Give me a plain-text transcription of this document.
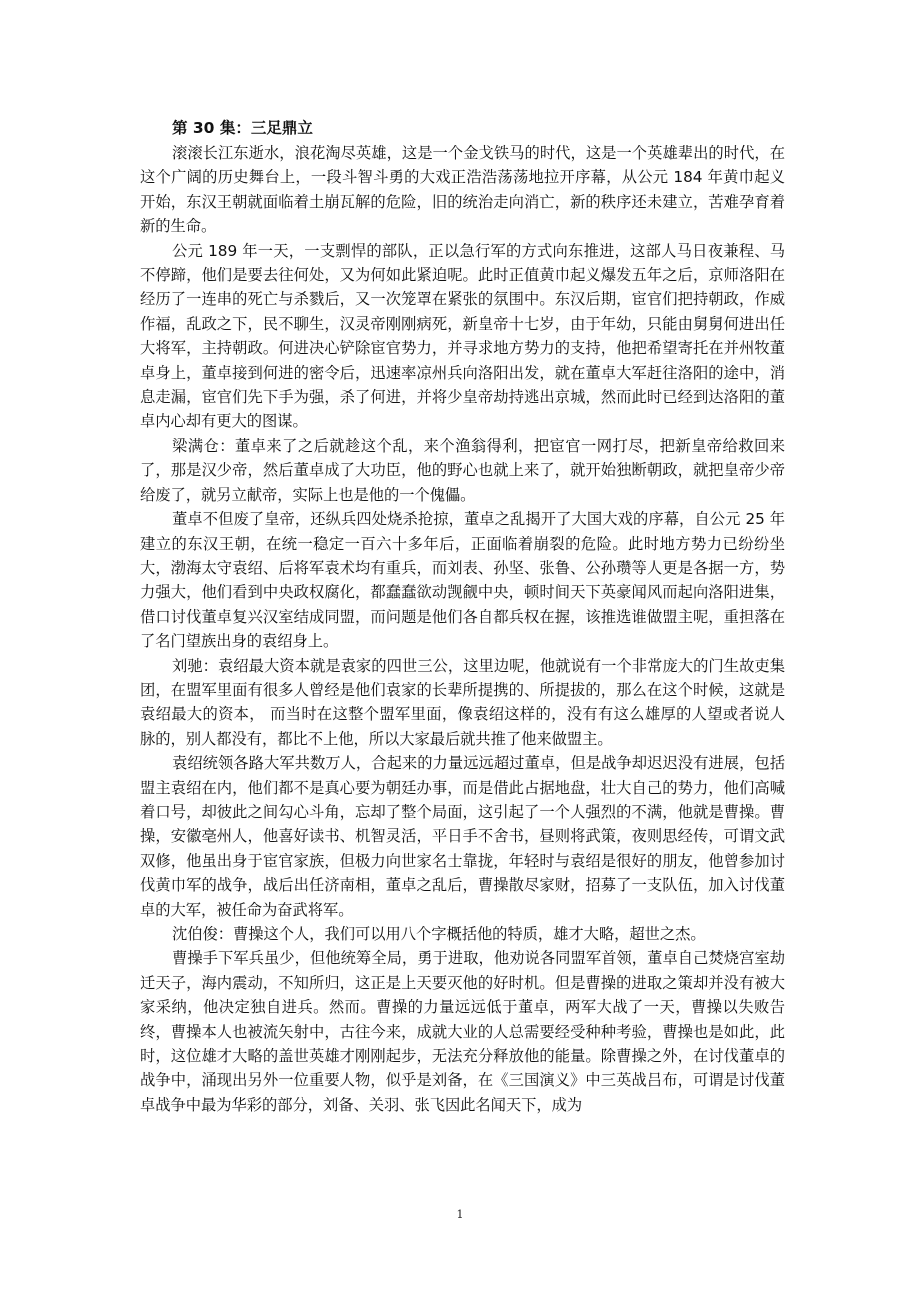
第 30 集：三足鼎立

滚滚长江东逝水，浪花淘尽英雄，这是一个金戈铁马的时代，这是一个英雄辈出的时代，在这个广阔的历史舞台上，一段斗智斗勇的大戏正浩浩荡荡地拉开序幕，从公元 184 年黄巾起义开始，东汉王朝就面临着土崩瓦解的危险，旧的统治走向消亡，新的秩序还未建立，苦难孕育着新的生命。

公元 189 年一天，一支剽悍的部队，正以急行军的方式向东推进，这部人马日夜兼程、马不停蹄，他们是要去往何处，又为何如此紧迫呢。此时正值黄巾起义爆发五年之后，京师洛阳在经历了一连串的死亡与杀戮后，又一次笼罩在紧张的氛围中。东汉后期，宦官们把持朝政，作威作福，乱政之下，民不聊生，汉灵帝刚刚病死，新皇帝十七岁，由于年幼，只能由舅舅何进出任大将军，主持朝政。何进决心铲除宦官势力，并寻求地方势力的支持，他把希望寄托在并州牧董卓身上，董卓接到何进的密令后，迅速率凉州兵向洛阳出发，就在董卓大军赶往洛阳的途中，消息走漏，宦官们先下手为强，杀了何进，并将少皇帝劫持逃出京城，然而此时已经到达洛阳的董卓内心却有更大的图谋。

梁满仓：董卓来了之后就趁这个乱，来个渔翁得利，把宦官一网打尽，把新皇帝给救回来了，那是汉少帝，然后董卓成了大功臣，他的野心也就上来了，就开始独断朝政，就把皇帝少帝给废了，就另立献帝，实际上也是他的一个傀儡。

董卓不但废了皇帝，还纵兵四处烧杀抢掠，董卓之乱揭开了大国大戏的序幕，自公元 25 年建立的东汉王朝，在统一稳定一百六十多年后，正面临着崩裂的危险。此时地方势力已纷纷坐大，渤海太守袁绍、后将军袁术均有重兵，而刘表、孙坚、张鲁、公孙瓒等人更是各据一方，势力强大，他们看到中央政权腐化，都蠢蠢欲动觊觎中央，顿时间天下英豪闻风而起向洛阳进集，借口讨伐董卓复兴汉室结成同盟，而问题是他们各自都兵权在握，该推选谁做盟主呢，重担落在了名门望族出身的袁绍身上。

刘驰：袁绍最大资本就是袁家的四世三公，这里边呢，他就说有一个非常庞大的门生故吏集团，在盟军里面有很多人曾经是他们袁家的长辈所提携的、所提拔的，那么在这个时候，这就是袁绍最大的资本， 而当时在这整个盟军里面，像袁绍这样的，没有有这么雄厚的人望或者说人脉的，别人都没有，都比不上他，所以大家最后就共推了他来做盟主。

袁绍统领各路大军共数万人，合起来的力量远远超过董卓，但是战争却迟迟没有进展，包括盟主袁绍在内，他们都不是真心要为朝廷办事，而是借此占据地盘，壮大自己的势力，他们高喊着口号，却彼此之间勾心斗角，忘却了整个局面，这引起了一个人强烈的不满，他就是曹操。曹操，安徽亳州人，他喜好读书、机智灵活，平日手不舍书，昼则将武策，夜则思经传，可谓文武双修，他虽出身于宦官家族，但极力向世家名士靠拢，年轻时与袁绍是很好的朋友，他曾参加讨伐黄巾军的战争，战后出任济南相，董卓之乱后，曹操散尽家财，招募了一支队伍，加入讨伐董卓的大军，被任命为奋武将军。

沈伯俊：曹操这个人，我们可以用八个字概括他的特质，雄才大略，超世之杰。

曹操手下军兵虽少，但他统筹全局，勇于进取，他劝说各同盟军首领，董卓自己焚烧宫室劫迁天子，海内震动，不知所归，这正是上天要灭他的好时机。但是曹操的进取之策却并没有被大家采纳，他决定独自进兵。然而。曹操的力量远远低于董卓，两军大战了一天，曹操以失败告终，曹操本人也被流矢射中，古往今来，成就大业的人总需要经受种种考验，曹操也是如此，此时，这位雄才大略的盖世英雄才刚刚起步，无法充分释放他的能量。除曹操之外，在讨伐董卓的战争中，涌现出另外一位重要人物，似乎是刘备，在《三国演义》中三英战吕布，可谓是讨伐董卓战争中最为华彩的部分，刘备、关羽、张飞因此名闻天下，成为

1
